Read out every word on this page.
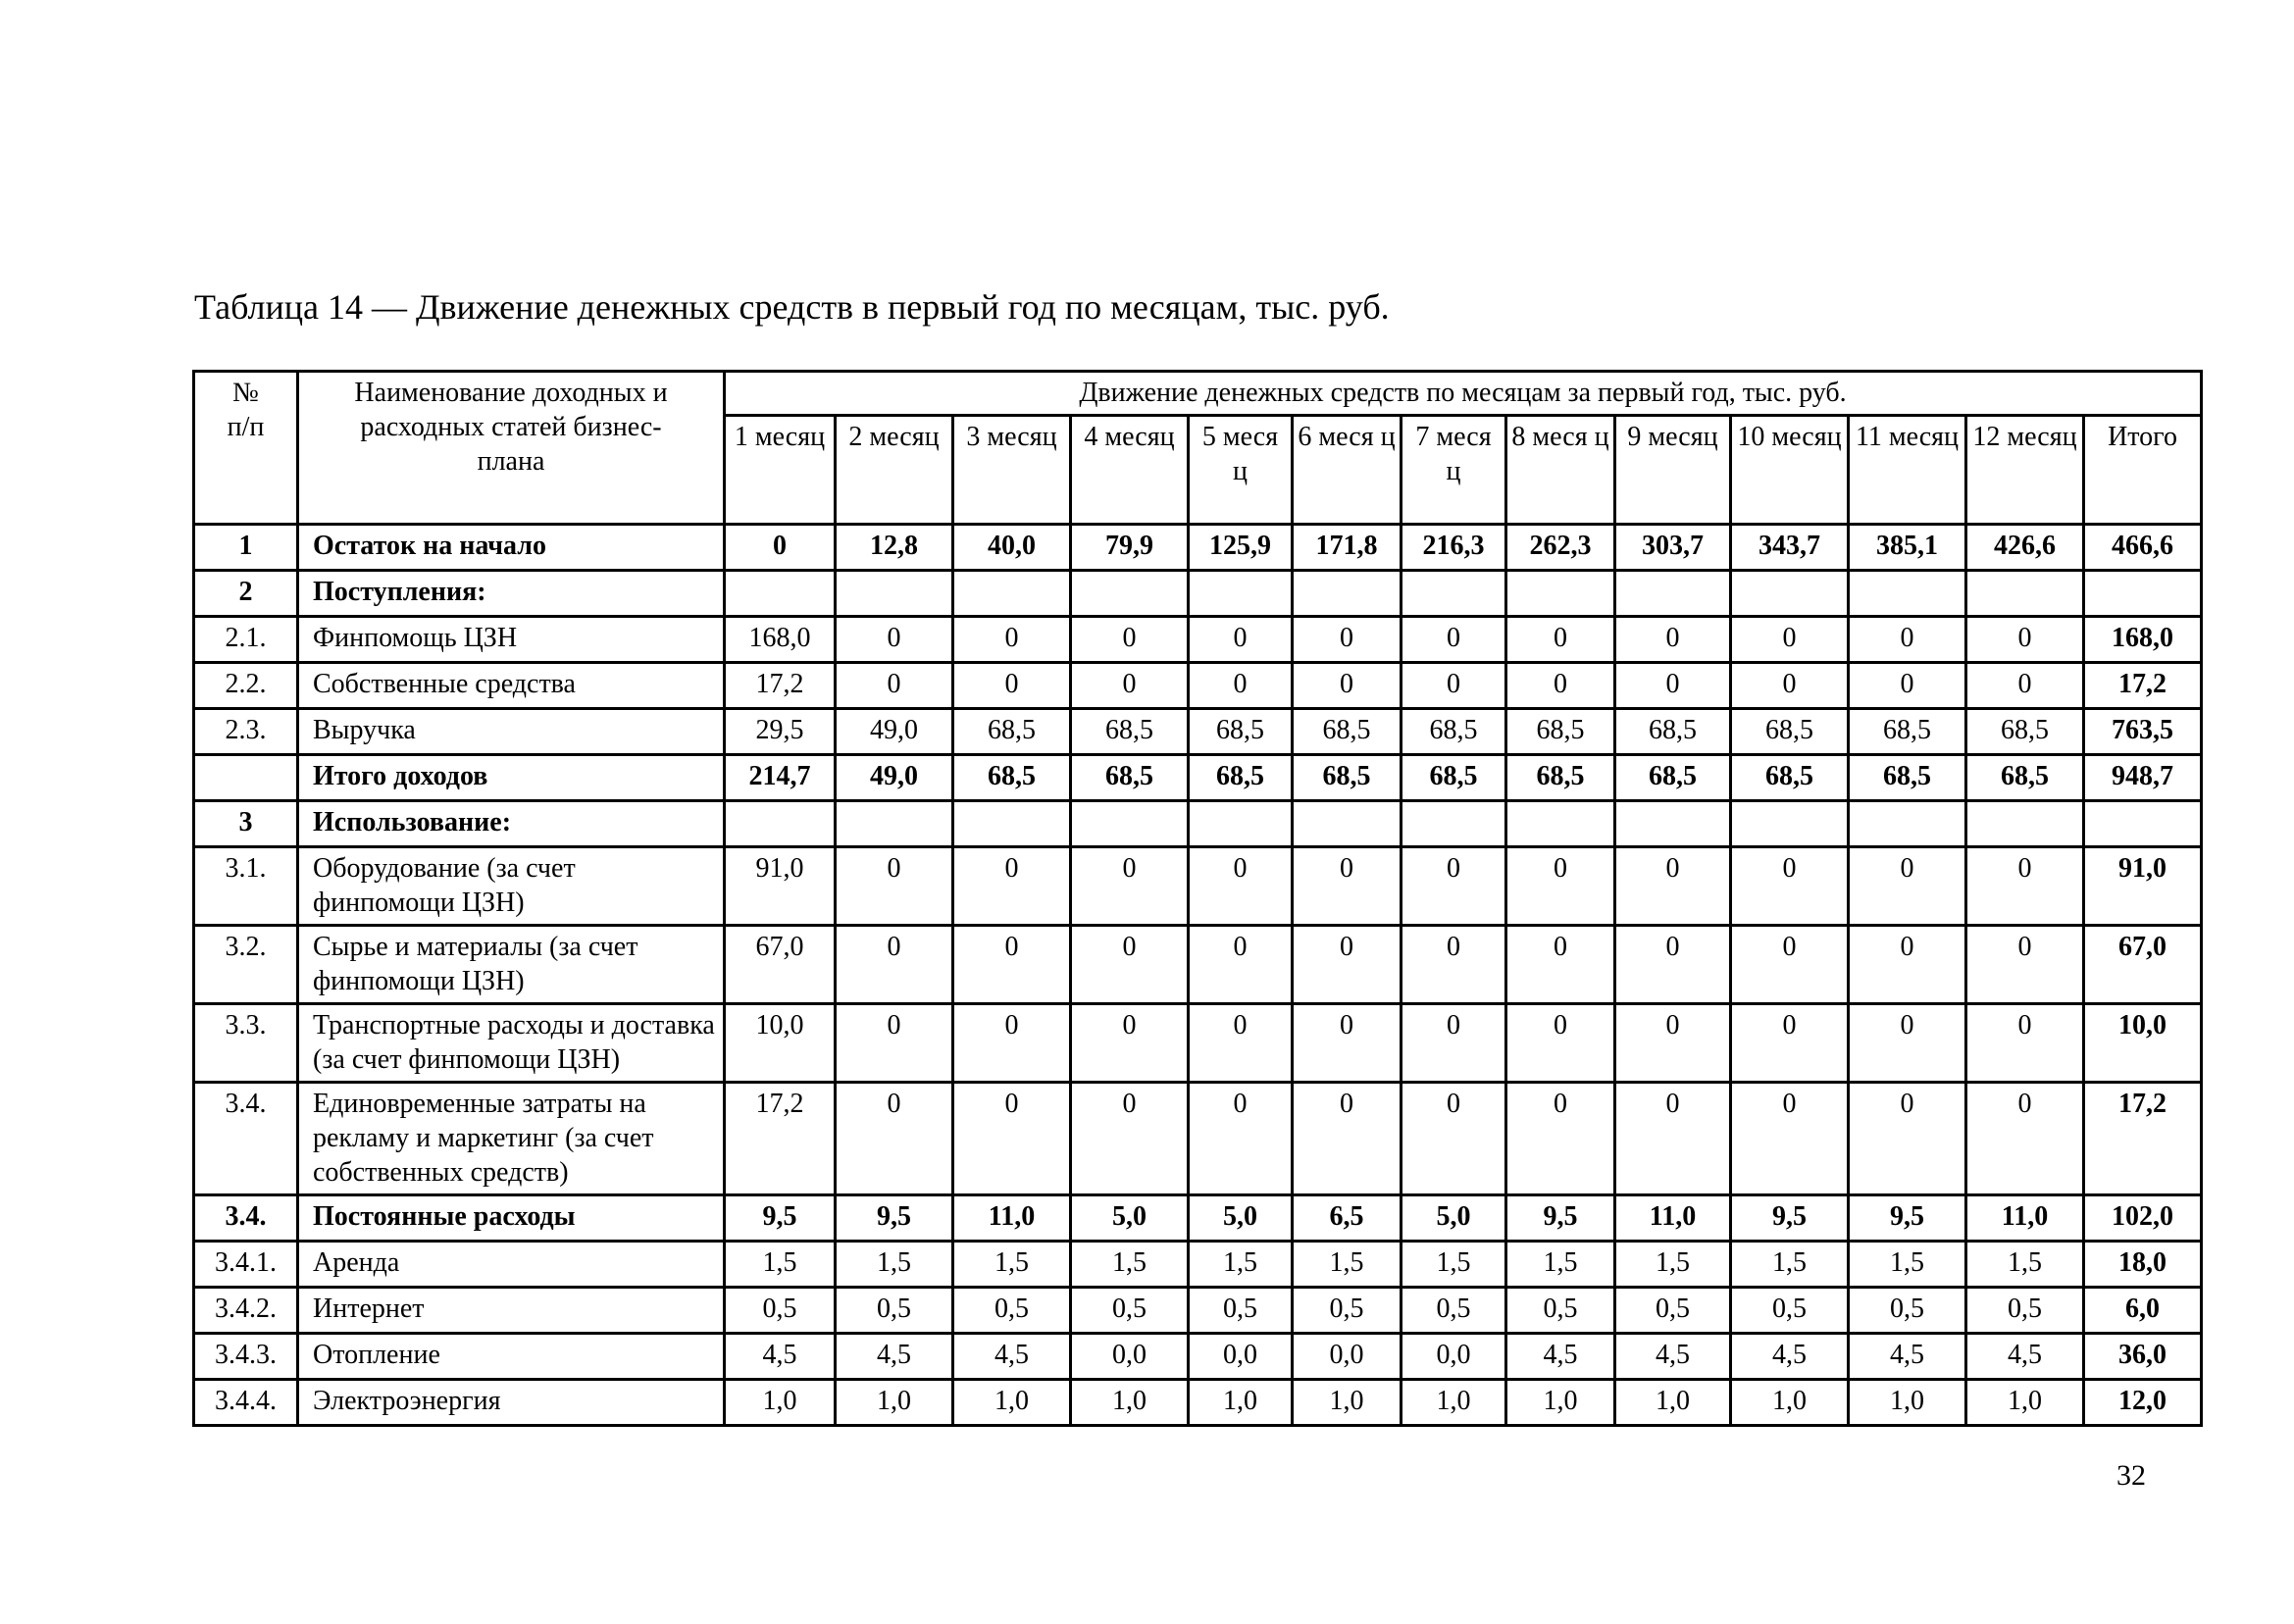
Таблица 14 — Движение денежных средств в первый год по месяцам, тыс. руб.
№ п/п	Наименование доходных и расходных статей бизнес-плана	Движение денежных средств по месяцам за первый год, тыс. руб.												
		1 месяц	2 месяц	3 месяц	4 месяц	5 меся ц	6 меся ц	7 меся ц	8 меся ц	9 месяц	10 месяц	11 месяц	12 месяц	Итого
1	Остаток на начало	0	12,8	40,0	79,9	125,9	171,8	216,3	262,3	303,7	343,7	385,1	426,6	466,6
2	Поступления:													
2.1.	Финпомощь ЦЗН	168,0	0	0	0	0	0	0	0	0	0	0	0	168,0
2.2.	Собственные средства	17,2	0	0	0	0	0	0	0	0	0	0	0	17,2
2.3.	Выручка	29,5	49,0	68,5	68,5	68,5	68,5	68,5	68,5	68,5	68,5	68,5	68,5	763,5
	Итого доходов	214,7	49,0	68,5	68,5	68,5	68,5	68,5	68,5	68,5	68,5	68,5	68,5	948,7
3	Использование:													
3.1.	Оборудование (за счет финпомощи ЦЗН)	91,0	0	0	0	0	0	0	0	0	0	0	0	91,0
3.2.	Сырье и материалы (за счет финпомощи ЦЗН)	67,0	0	0	0	0	0	0	0	0	0	0	0	67,0
3.3.	Транспортные расходы и доставка (за счет финпомощи ЦЗН)	10,0	0	0	0	0	0	0	0	0	0	0	0	10,0
3.4.	Единовременные затраты на рекламу и маркетинг (за счет собственных средств)	17,2	0	0	0	0	0	0	0	0	0	0	0	17,2
3.4.	Постоянные расходы	9,5	9,5	11,0	5,0	5,0	6,5	5,0	9,5	11,0	9,5	9,5	11,0	102,0
3.4.1.	Аренда	1,5	1,5	1,5	1,5	1,5	1,5	1,5	1,5	1,5	1,5	1,5	1,5	18,0
3.4.2.	Интернет	0,5	0,5	0,5	0,5	0,5	0,5	0,5	0,5	0,5	0,5	0,5	0,5	6,0
3.4.3.	Отопление	4,5	4,5	4,5	0,0	0,0	0,0	0,0	4,5	4,5	4,5	4,5	4,5	36,0
3.4.4.	Электроэнергия	1,0	1,0	1,0	1,0	1,0	1,0	1,0	1,0	1,0	1,0	1,0	1,0	12,0
32
